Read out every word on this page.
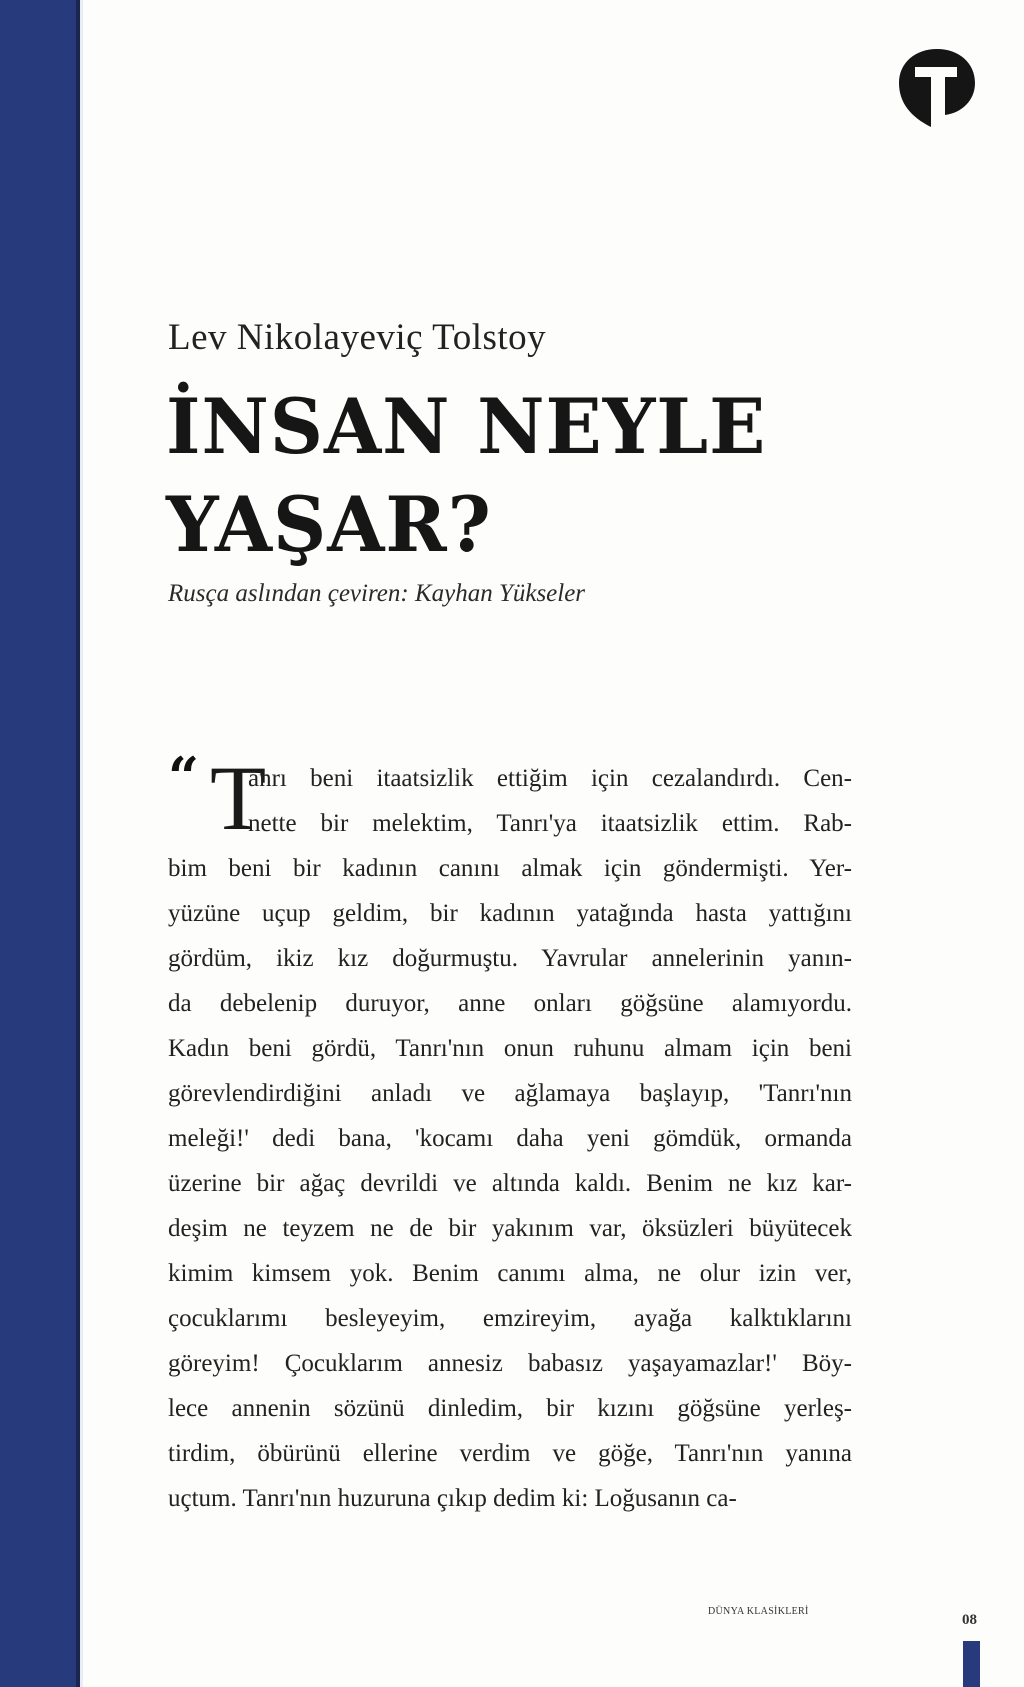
Lev Nikolayeviç Tolstoy
İNSAN NEYLE
YAŞAR?
Rusça aslından çeviren: Kayhan Yükseler
“ T
anrı beni itaatsizlik ettiğim için cezalandırdı. Cen-
nette bir melektim, Tanrı'ya itaatsizlik ettim. Rab-
bim beni bir kadının canını almak için göndermişti. Yer-
yüzüne uçup geldim, bir kadının yatağında hasta yattığını
gördüm, ikiz kız doğurmuştu. Yavrular annelerinin yanın-
da debelenip duruyor, anne onları göğsüne alamıyordu.
Kadın beni gördü, Tanrı'nın onun ruhunu almam için beni
görevlendirdiğini anladı ve ağlamaya başlayıp, 'Tanrı'nın
meleği!' dedi bana, 'kocamı daha yeni gömdük, ormanda
üzerine bir ağaç devrildi ve altında kaldı. Benim ne kız kar-
deşim ne teyzem ne de bir yakınım var, öksüzleri büyütecek
kimim kimsem yok. Benim canımı alma, ne olur izin ver,
çocuklarımı besleyeyim, emzireyim, ayağa kalktıklarını
göreyim! Çocuklarım annesiz babasız yaşayamazlar!' Böy-
lece annenin sözünü dinledim, bir kızını göğsüne yerleş-
tirdim, öbürünü ellerine verdim ve göğe, Tanrı'nın yanına
uçtum. Tanrı'nın huzuruna çıkıp dedim ki: Loğusanın ca-
DÜNYA KLASİKLERİ
08
